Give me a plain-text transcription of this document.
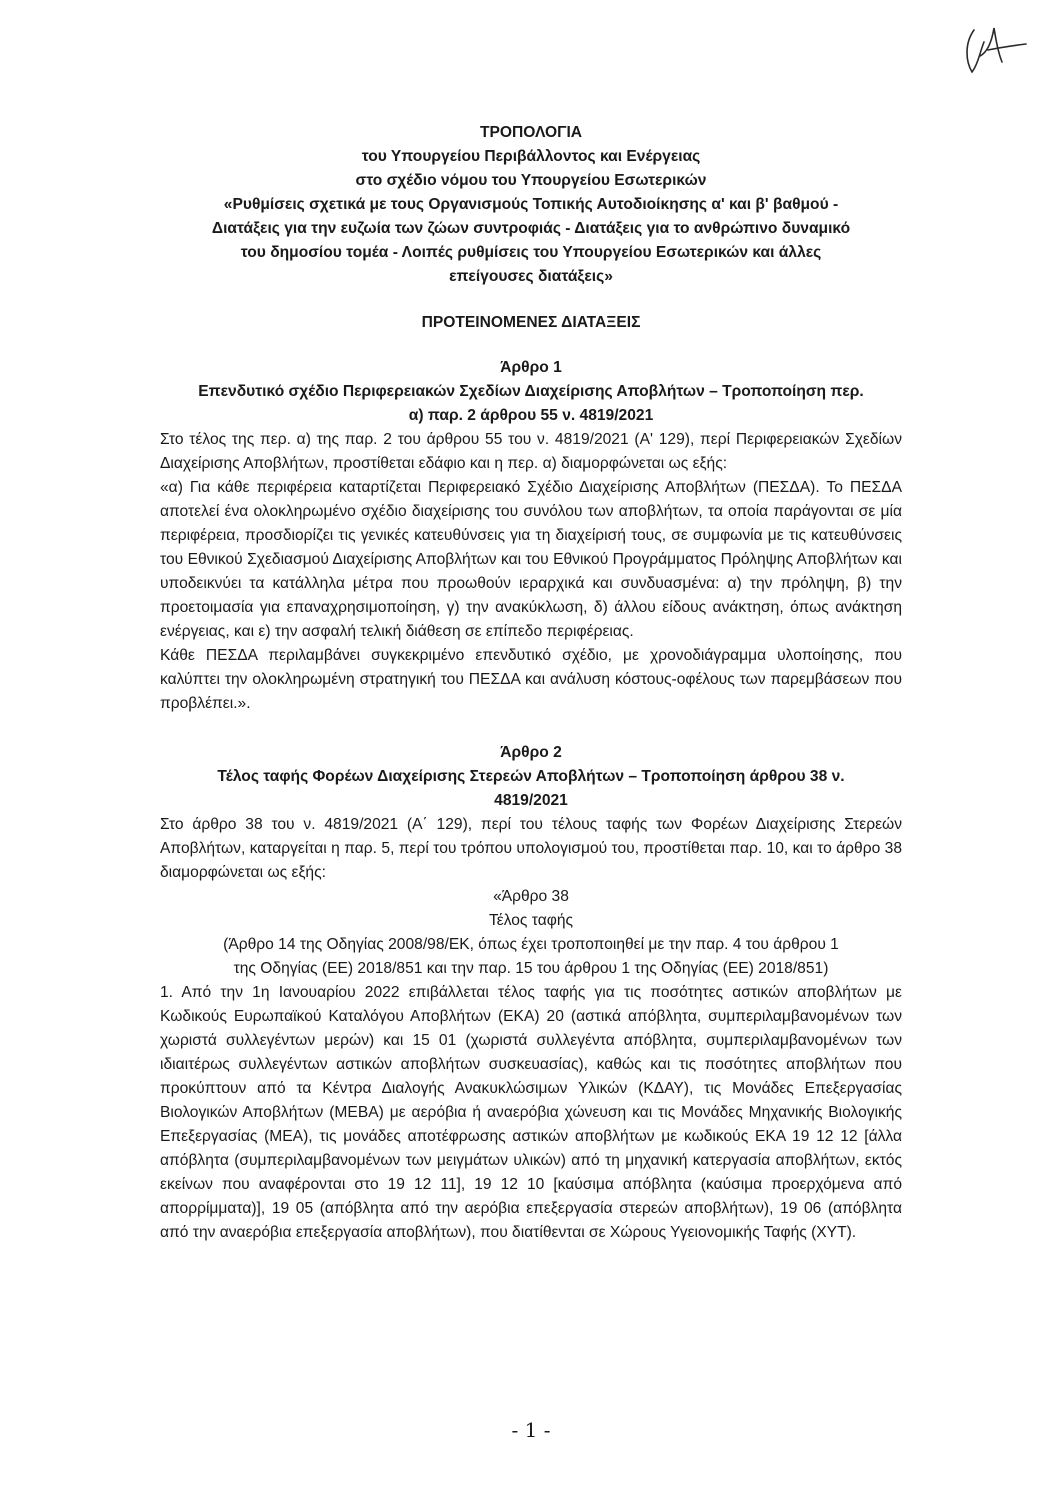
ΤΡΟΠΟΛΟΓΙΑ

του Υπουργείου Περιβάλλοντος και Ενέργειας

στο σχέδιο νόμου του Υπουργείου Εσωτερικών

«Ρυθμίσεις σχετικά με τους Οργανισμούς Τοπικής Αυτοδιοίκησης α' και β' βαθμού -

Διατάξεις για την ευζωία των ζώων συντροφιάς - Διατάξεις για το ανθρώπινο δυναμικό

του δημοσίου τομέα - Λοιπές ρυθμίσεις του Υπουργείου Εσωτερικών και άλλες

επείγουσες διατάξεις»

ΠΡΟΤΕΙΝΟΜΕΝΕΣ ΔΙΑΤΑΞΕΙΣ

Άρθρο 1

Επενδυτικό σχέδιο Περιφερειακών Σχεδίων Διαχείρισης Αποβλήτων – Τροποποίηση περ.

α) παρ. 2 άρθρου 55 ν. 4819/2021

Στο τέλος της περ. α) της παρ. 2 του άρθρου 55 του ν. 4819/2021 (Α' 129), περί Περιφερειακών Σχεδίων Διαχείρισης Αποβλήτων, προστίθεται εδάφιο και η περ. α) διαμορφώνεται ως εξής:

«α) Για κάθε περιφέρεια καταρτίζεται Περιφερειακό Σχέδιο Διαχείρισης Αποβλήτων (ΠΕΣΔΑ). Το ΠΕΣΔΑ αποτελεί ένα ολοκληρωμένο σχέδιο διαχείρισης του συνόλου των αποβλήτων, τα οποία παράγονται σε μία περιφέρεια, προσδιορίζει τις γενικές κατευθύνσεις για τη διαχείρισή τους, σε συμφωνία με τις κατευθύνσεις του Εθνικού Σχεδιασμού Διαχείρισης Αποβλήτων και του Εθνικού Προγράμματος Πρόληψης Αποβλήτων και υποδεικνύει τα κατάλληλα μέτρα που προωθούν ιεραρχικά και συνδυασμένα: α) την πρόληψη, β) την προετοιμασία για επαναχρησιμοποίηση, γ) την ανακύκλωση, δ) άλλου είδους ανάκτηση, όπως ανάκτηση ενέργειας, και ε) την ασφαλή τελική διάθεση σε επίπεδο περιφέρειας.

Κάθε ΠΕΣΔΑ περιλαμβάνει συγκεκριμένο επενδυτικό σχέδιο, με χρονοδιάγραμμα υλοποίησης, που καλύπτει την ολοκληρωμένη στρατηγική του ΠΕΣΔΑ και ανάλυση κόστους-οφέλους των παρεμβάσεων που προβλέπει.».

Άρθρο 2

Τέλος ταφής Φορέων Διαχείρισης Στερεών Αποβλήτων – Τροποποίηση άρθρου 38 ν.

4819/2021

Στο άρθρο 38 του ν. 4819/2021 (Α΄ 129), περί του τέλους ταφής των Φορέων Διαχείρισης Στερεών Αποβλήτων, καταργείται η παρ. 5, περί του τρόπου υπολογισμού του, προστίθεται παρ. 10, και το άρθρο 38 διαμορφώνεται ως εξής:

«Άρθρο 38

Τέλος ταφής

(Άρθρο 14 της Οδηγίας 2008/98/ΕΚ, όπως έχει τροποποιηθεί με την παρ. 4 του άρθρου 1

της Οδηγίας (ΕΕ) 2018/851 και την παρ. 15 του άρθρου 1 της Οδηγίας (ΕΕ) 2018/851)

1. Από την 1η Ιανουαρίου 2022 επιβάλλεται τέλος ταφής για τις ποσότητες αστικών αποβλήτων με Κωδικούς Ευρωπαϊκού Καταλόγου Αποβλήτων (ΕΚΑ) 20 (αστικά απόβλητα, συμπεριλαμβανομένων των χωριστά συλλεγέντων μερών) και 15 01 (χωριστά συλλεγέντα απόβλητα, συμπεριλαμβανομένων των ιδιαιτέρως συλλεγέντων αστικών αποβλήτων συσκευασίας), καθώς και τις ποσότητες αποβλήτων που προκύπτουν από τα Κέντρα Διαλογής Ανακυκλώσιμων Υλικών (ΚΔΑΥ), τις Μονάδες Επεξεργασίας Βιολογικών Αποβλήτων (ΜΕΒΑ) με αερόβια ή αναερόβια χώνευση και τις Μονάδες Μηχανικής Βιολογικής Επεξεργασίας (ΜΕΑ), τις μονάδες αποτέφρωσης αστικών αποβλήτων με κωδικούς ΕΚΑ 19 12 12 [άλλα απόβλητα (συμπεριλαμβανομένων των μειγμάτων υλικών) από τη μηχανική κατεργασία αποβλήτων, εκτός εκείνων που αναφέρονται στο 19 12 11], 19 12 10 [καύσιμα απόβλητα (καύσιμα προερχόμενα από απορρίμματα)], 19 05 (απόβλητα από την αερόβια επεξεργασία στερεών αποβλήτων), 19 06 (απόβλητα από την αναερόβια επεξεργασία αποβλήτων), που διατίθενται σε Χώρους Υγειονομικής Ταφής (ΧΥΤ).

- 1 -
